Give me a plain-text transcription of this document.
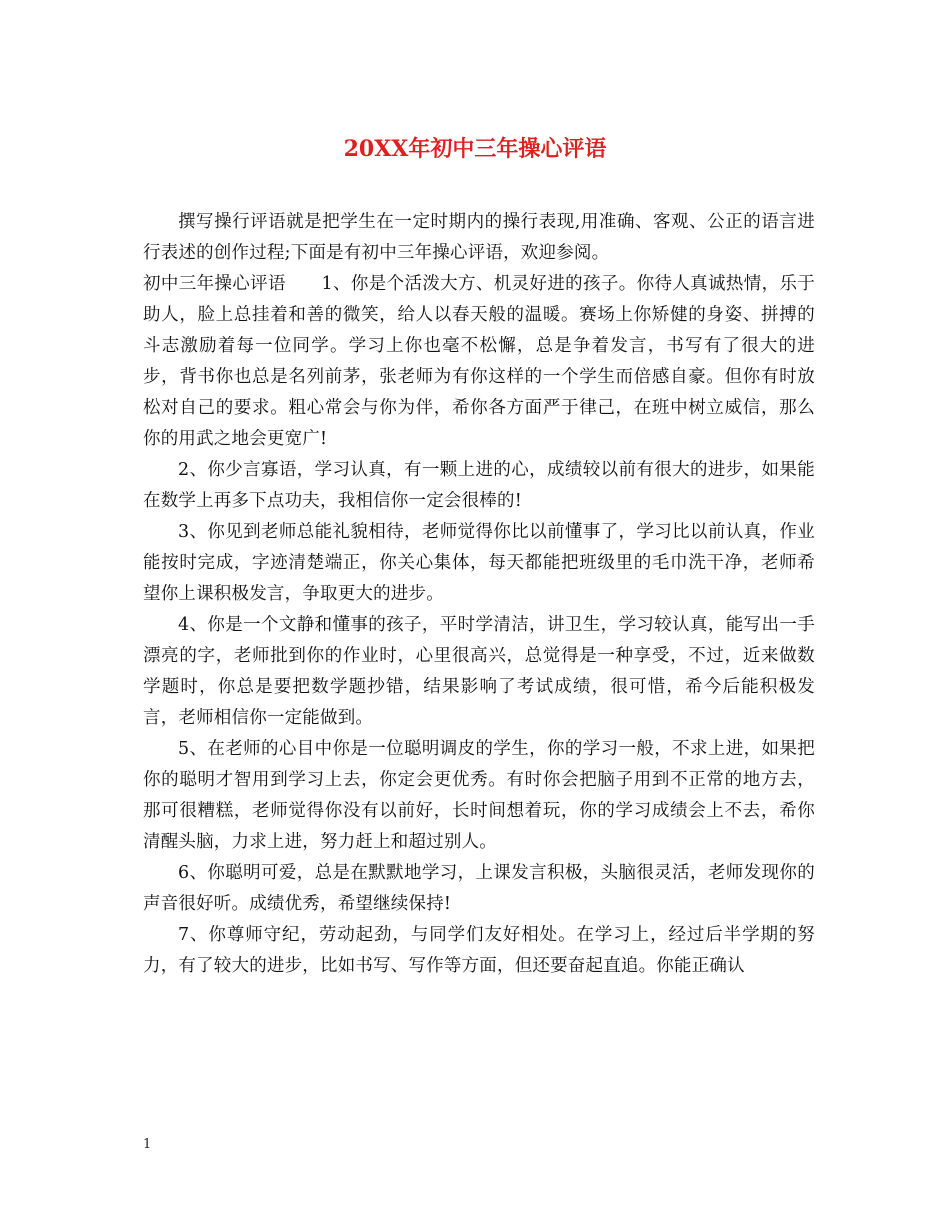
20XX年初中三年操心评语

撰写操行评语就是把学生在一定时期内的操行表现,用准确、客观、公正的语言进行表述的创作过程;下面是有初中三年操心评语，欢迎参阅。

初中三年操心评语　　1、你是个活泼大方、机灵好进的孩子。你待人真诚热情，乐于助人，脸上总挂着和善的微笑，给人以春天般的温暖。赛场上你矫健的身姿、拼搏的斗志激励着每一位同学。学习上你也毫不松懈，总是争着发言，书写有了很大的进步，背书你也总是名列前茅，张老师为有你这样的一个学生而倍感自豪。但你有时放松对自己的要求。粗心常会与你为伴，希你各方面严于律己，在班中树立威信，那么你的用武之地会更宽广!

2、你少言寡语，学习认真，有一颗上进的心，成绩较以前有很大的进步，如果能在数学上再多下点功夫，我相信你一定会很棒的!

3、你见到老师总能礼貌相待，老师觉得你比以前懂事了，学习比以前认真，作业能按时完成，字迹清楚端正，你关心集体，每天都能把班级里的毛巾洗干净，老师希望你上课积极发言，争取更大的进步。

4、你是一个文静和懂事的孩子，平时学清洁，讲卫生，学习较认真，能写出一手漂亮的字，老师批到你的作业时，心里很高兴，总觉得是一种享受，不过，近来做数学题时，你总是要把数学题抄错，结果影响了考试成绩，很可惜，希今后能积极发言，老师相信你一定能做到。

5、在老师的心目中你是一位聪明调皮的学生，你的学习一般，不求上进，如果把你的聪明才智用到学习上去，你定会更优秀。有时你会把脑子用到不正常的地方去，那可很糟糕，老师觉得你没有以前好，长时间想着玩，你的学习成绩会上不去，希你清醒头脑，力求上进，努力赶上和超过别人。

6、你聪明可爱，总是在默默地学习，上课发言积极，头脑很灵活，老师发现你的声音很好听。成绩优秀，希望继续保持!

7、你尊师守纪，劳动起劲，与同学们友好相处。在学习上，经过后半学期的努力，有了较大的进步，比如书写、写作等方面，但还要奋起直追。你能正确认

1
